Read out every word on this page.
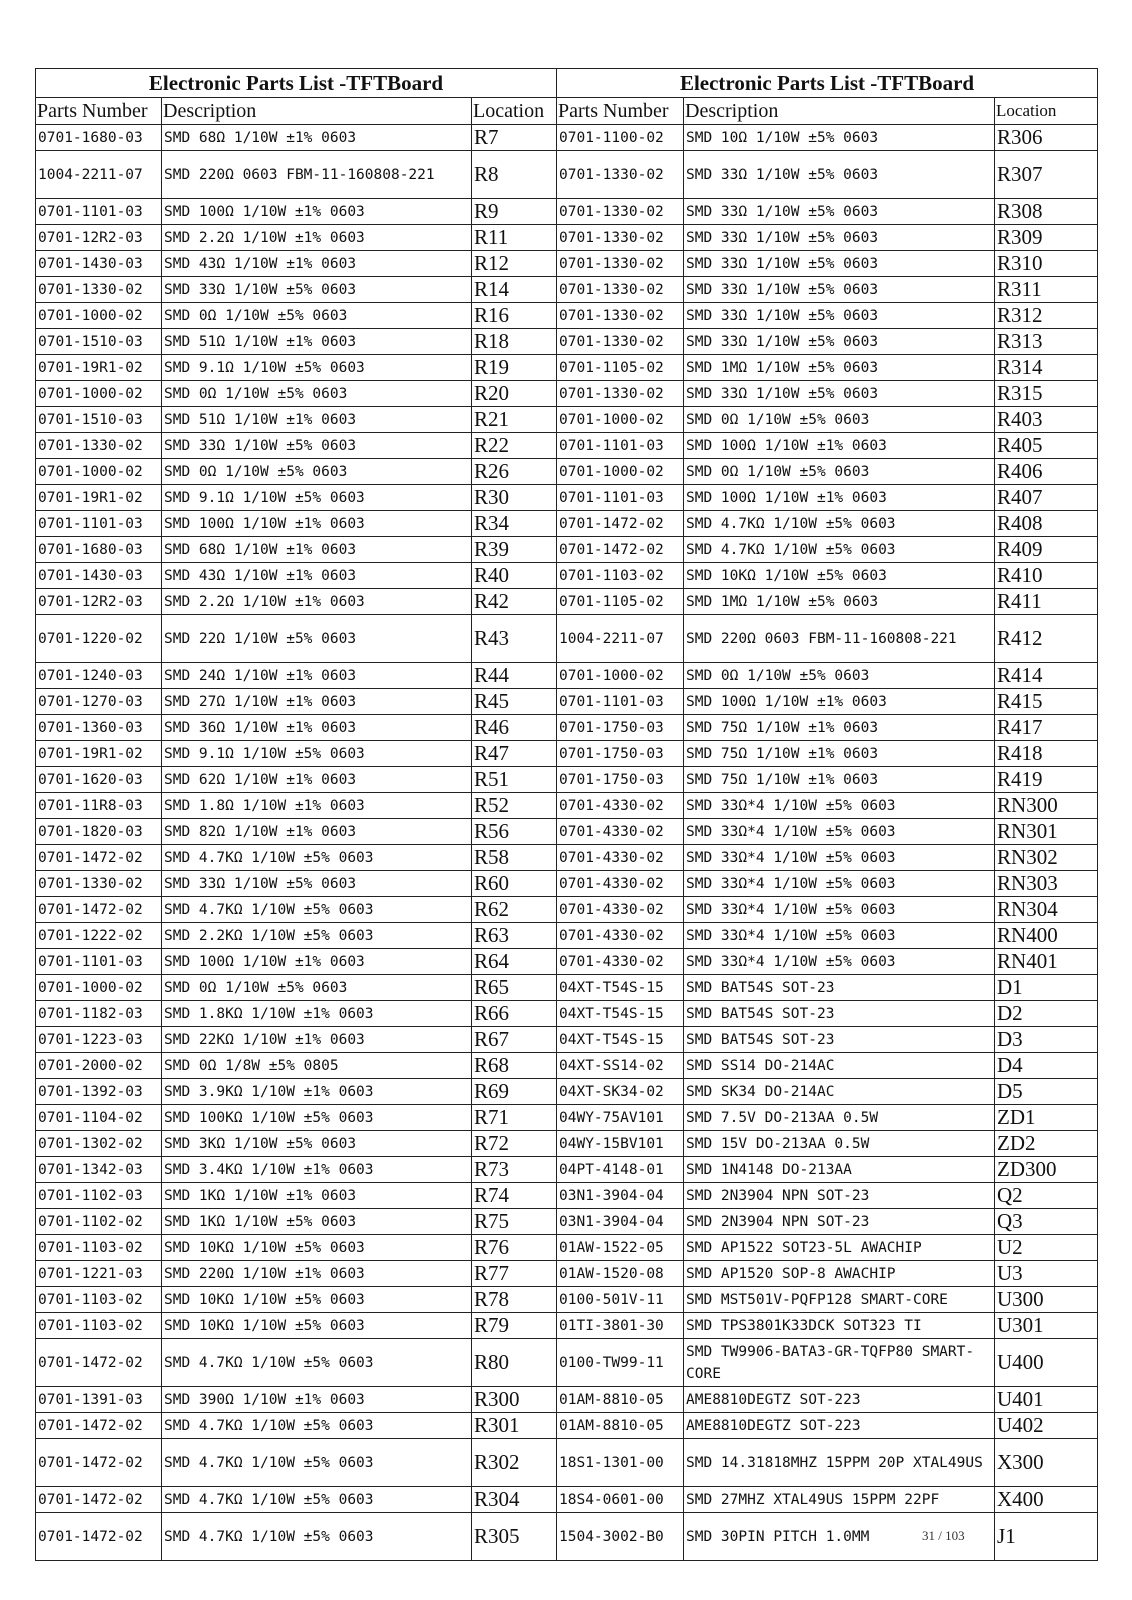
Electronic Parts List -TFTBoard			Electronic Parts List -TFTBoard		
Parts Number	Description	Location	Parts Number	Description	Location
0701-1680-03	SMD 68Ω 1/10W ±1% 0603	R7	0701-1100-02	SMD 10Ω 1/10W ±5% 0603	R306
1004-2211-07	SMD 220Ω 0603 FBM-11-160808-221	R8	0701-1330-02	SMD 33Ω 1/10W ±5% 0603	R307
0701-1101-03	SMD 100Ω 1/10W ±1% 0603	R9	0701-1330-02	SMD 33Ω 1/10W ±5% 0603	R308
0701-12R2-03	SMD 2.2Ω 1/10W ±1% 0603	R11	0701-1330-02	SMD 33Ω 1/10W ±5% 0603	R309
0701-1430-03	SMD 43Ω 1/10W ±1% 0603	R12	0701-1330-02	SMD 33Ω 1/10W ±5% 0603	R310
0701-1330-02	SMD 33Ω 1/10W ±5% 0603	R14	0701-1330-02	SMD 33Ω 1/10W ±5% 0603	R311
0701-1000-02	SMD 0Ω 1/10W ±5% 0603	R16	0701-1330-02	SMD 33Ω 1/10W ±5% 0603	R312
0701-1510-03	SMD 51Ω 1/10W ±1% 0603	R18	0701-1330-02	SMD 33Ω 1/10W ±5% 0603	R313
0701-19R1-02	SMD 9.1Ω 1/10W ±5% 0603	R19	0701-1105-02	SMD 1MΩ 1/10W ±5% 0603	R314
0701-1000-02	SMD 0Ω 1/10W ±5% 0603	R20	0701-1330-02	SMD 33Ω 1/10W ±5% 0603	R315
0701-1510-03	SMD 51Ω 1/10W ±1% 0603	R21	0701-1000-02	SMD 0Ω 1/10W ±5% 0603	R403
0701-1330-02	SMD 33Ω 1/10W ±5% 0603	R22	0701-1101-03	SMD 100Ω 1/10W ±1% 0603	R405
0701-1000-02	SMD 0Ω 1/10W ±5% 0603	R26	0701-1000-02	SMD 0Ω 1/10W ±5% 0603	R406
0701-19R1-02	SMD 9.1Ω 1/10W ±5% 0603	R30	0701-1101-03	SMD 100Ω 1/10W ±1% 0603	R407
0701-1101-03	SMD 100Ω 1/10W ±1% 0603	R34	0701-1472-02	SMD 4.7KΩ 1/10W ±5% 0603	R408
0701-1680-03	SMD 68Ω 1/10W ±1% 0603	R39	0701-1472-02	SMD 4.7KΩ 1/10W ±5% 0603	R409
0701-1430-03	SMD 43Ω 1/10W ±1% 0603	R40	0701-1103-02	SMD 10KΩ 1/10W ±5% 0603	R410
0701-12R2-03	SMD 2.2Ω 1/10W ±1% 0603	R42	0701-1105-02	SMD 1MΩ 1/10W ±5% 0603	R411
0701-1220-02	SMD 22Ω 1/10W ±5% 0603	R43	1004-2211-07	SMD 220Ω 0603 FBM-11-160808-221	R412
0701-1240-03	SMD 24Ω 1/10W ±1% 0603	R44	0701-1000-02	SMD 0Ω 1/10W ±5% 0603	R414
0701-1270-03	SMD 27Ω 1/10W ±1% 0603	R45	0701-1101-03	SMD 100Ω 1/10W ±1% 0603	R415
0701-1360-03	SMD 36Ω 1/10W ±1% 0603	R46	0701-1750-03	SMD 75Ω 1/10W ±1% 0603	R417
0701-19R1-02	SMD 9.1Ω 1/10W ±5% 0603	R47	0701-1750-03	SMD 75Ω 1/10W ±1% 0603	R418
0701-1620-03	SMD 62Ω 1/10W ±1% 0603	R51	0701-1750-03	SMD 75Ω 1/10W ±1% 0603	R419
0701-11R8-03	SMD 1.8Ω 1/10W ±1% 0603	R52	0701-4330-02	SMD 33Ω*4 1/10W ±5% 0603	RN300
0701-1820-03	SMD 82Ω 1/10W ±1% 0603	R56	0701-4330-02	SMD 33Ω*4 1/10W ±5% 0603	RN301
0701-1472-02	SMD 4.7KΩ 1/10W ±5% 0603	R58	0701-4330-02	SMD 33Ω*4 1/10W ±5% 0603	RN302
0701-1330-02	SMD 33Ω 1/10W ±5% 0603	R60	0701-4330-02	SMD 33Ω*4 1/10W ±5% 0603	RN303
0701-1472-02	SMD 4.7KΩ 1/10W ±5% 0603	R62	0701-4330-02	SMD 33Ω*4 1/10W ±5% 0603	RN304
0701-1222-02	SMD 2.2KΩ 1/10W ±5% 0603	R63	0701-4330-02	SMD 33Ω*4 1/10W ±5% 0603	RN400
0701-1101-03	SMD 100Ω 1/10W ±1% 0603	R64	0701-4330-02	SMD 33Ω*4 1/10W ±5% 0603	RN401
0701-1000-02	SMD 0Ω 1/10W ±5% 0603	R65	04XT-T54S-15	SMD BAT54S SOT-23	D1
0701-1182-03	SMD 1.8KΩ 1/10W ±1% 0603	R66	04XT-T54S-15	SMD BAT54S SOT-23	D2
0701-1223-03	SMD 22KΩ 1/10W ±1% 0603	R67	04XT-T54S-15	SMD BAT54S SOT-23	D3
0701-2000-02	SMD 0Ω 1/8W ±5% 0805	R68	04XT-SS14-02	SMD SS14 DO-214AC	D4
0701-1392-03	SMD 3.9KΩ 1/10W ±1% 0603	R69	04XT-SK34-02	SMD SK34 DO-214AC	D5
0701-1104-02	SMD 100KΩ 1/10W ±5% 0603	R71	04WY-75AV101	SMD 7.5V DO-213AA 0.5W	ZD1
0701-1302-02	SMD 3KΩ 1/10W ±5% 0603	R72	04WY-15BV101	SMD 15V DO-213AA 0.5W	ZD2
0701-1342-03	SMD 3.4KΩ 1/10W ±1% 0603	R73	04PT-4148-01	SMD 1N4148 DO-213AA	ZD300
0701-1102-03	SMD 1KΩ 1/10W ±1% 0603	R74	03N1-3904-04	SMD 2N3904 NPN SOT-23	Q2
0701-1102-02	SMD 1KΩ 1/10W ±5% 0603	R75	03N1-3904-04	SMD 2N3904 NPN SOT-23	Q3
0701-1103-02	SMD 10KΩ 1/10W ±5% 0603	R76	01AW-1522-05	SMD AP1522 SOT23-5L AWACHIP	U2
0701-1221-03	SMD 220Ω 1/10W ±1% 0603	R77	01AW-1520-08	SMD AP1520 SOP-8 AWACHIP	U3
0701-1103-02	SMD 10KΩ 1/10W ±5% 0603	R78	0100-501V-11	SMD MST501V-PQFP128 SMART-CORE	U300
0701-1103-02	SMD 10KΩ 1/10W ±5% 0603	R79	01TI-3801-30	SMD TPS3801K33DCK SOT323 TI	U301
0701-1472-02	SMD 4.7KΩ 1/10W ±5% 0603	R80	0100-TW99-11	SMD TW9906-BATA3-GR-TQFP80 SMART-CORE	U400
0701-1391-03	SMD 390Ω 1/10W ±1% 0603	R300	01AM-8810-05	AME8810DEGTZ SOT-223	U401
0701-1472-02	SMD 4.7KΩ 1/10W ±5% 0603	R301	01AM-8810-05	AME8810DEGTZ SOT-223	U402
0701-1472-02	SMD 4.7KΩ 1/10W ±5% 0603	R302	18S1-1301-00	SMD 14.31818MHZ 15PPM 20P XTAL49US	X300
0701-1472-02	SMD 4.7KΩ 1/10W ±5% 0603	R304	18S4-0601-00	SMD 27MHZ XTAL49US 15PPM 22PF	X400
0701-1472-02	SMD 4.7KΩ 1/10W ±5% 0603	R305	1504-3002-B0	SMD 30PIN PITCH 1.0MM	J1
31 / 103
